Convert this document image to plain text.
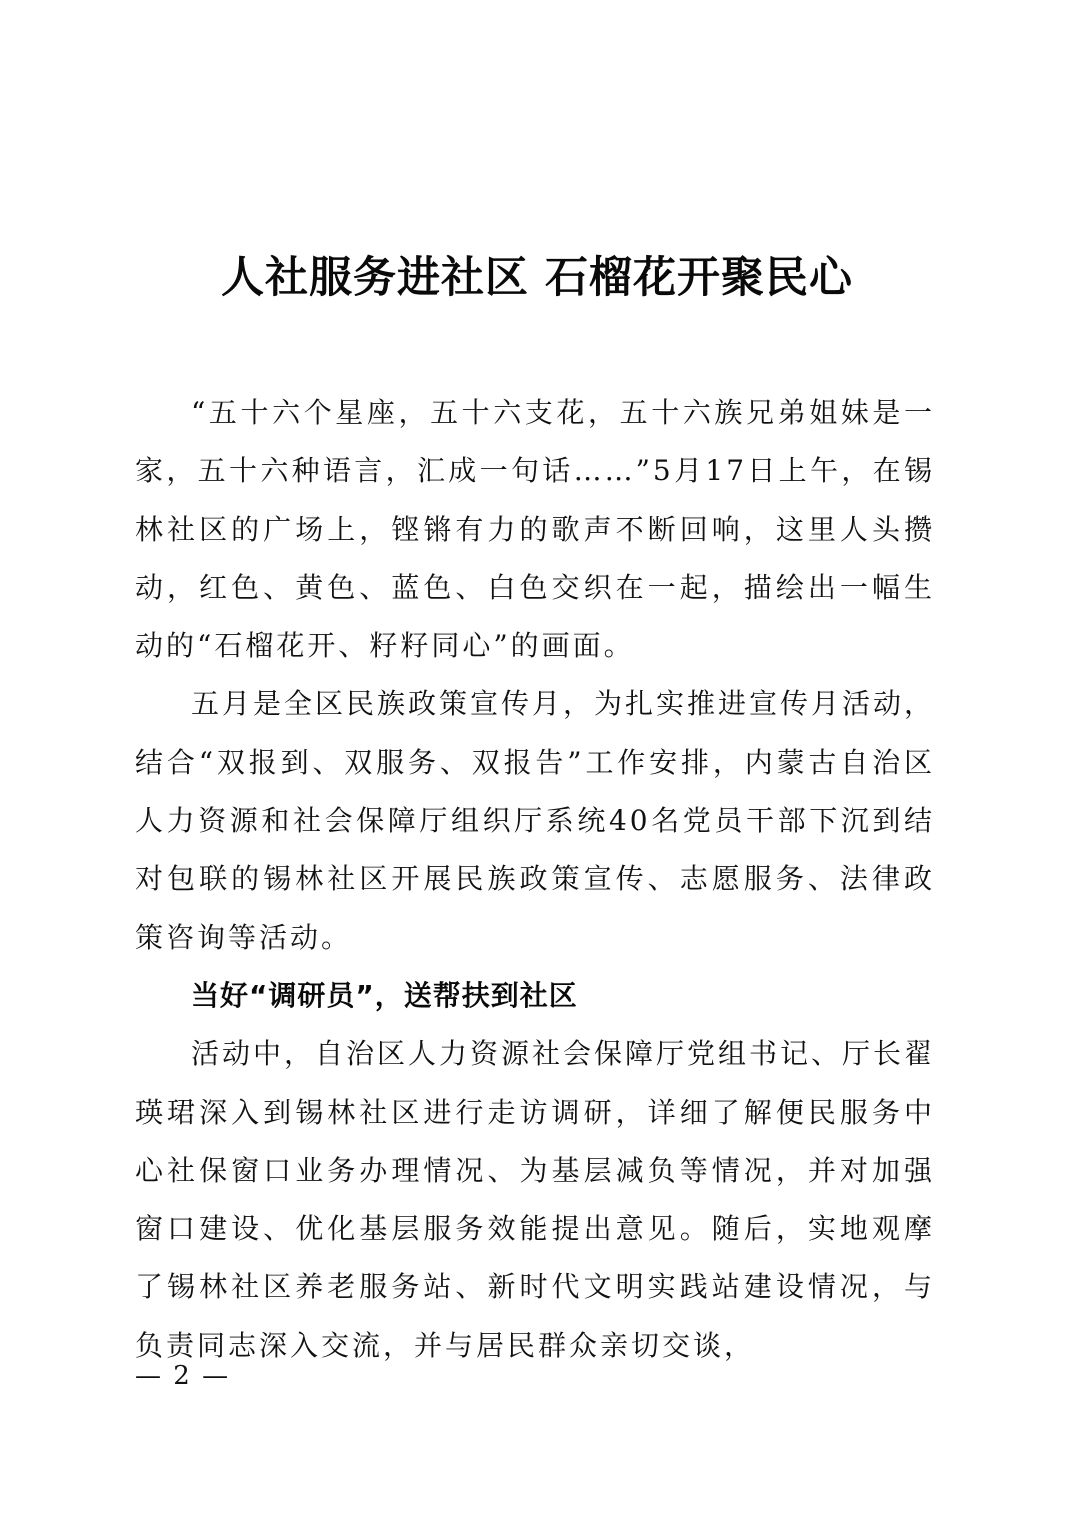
人社服务进社区 石榴花开聚民心

“五十六个星座，五十六支花，五十六族兄弟姐妹是一家，五十六种语言，汇成一句话……”5月17日上午，在锡林社区的广场上，铿锵有力的歌声不断回响，这里人头攒动，红色、黄色、蓝色、白色交织在一起，描绘出一幅生动的“石榴花开、籽籽同心”的画面。

五月是全区民族政策宣传月，为扎实推进宣传月活动，结合“双报到、双服务、双报告”工作安排，内蒙古自治区人力资源和社会保障厅组织厅系统40名党员干部下沉到结对包联的锡林社区开展民族政策宣传、志愿服务、法律政策咨询等活动。

当好“调研员”，送帮扶到社区

活动中，自治区人力资源社会保障厅党组书记、厅长翟瑛珺深入到锡林社区进行走访调研，详细了解便民服务中心社保窗口业务办理情况、为基层减负等情况，并对加强窗口建设、优化基层服务效能提出意见。随后，实地观摩了锡林社区养老服务站、新时代文明实践站建设情况，与负责同志深入交流，并与居民群众亲切交谈，

— 2 —
